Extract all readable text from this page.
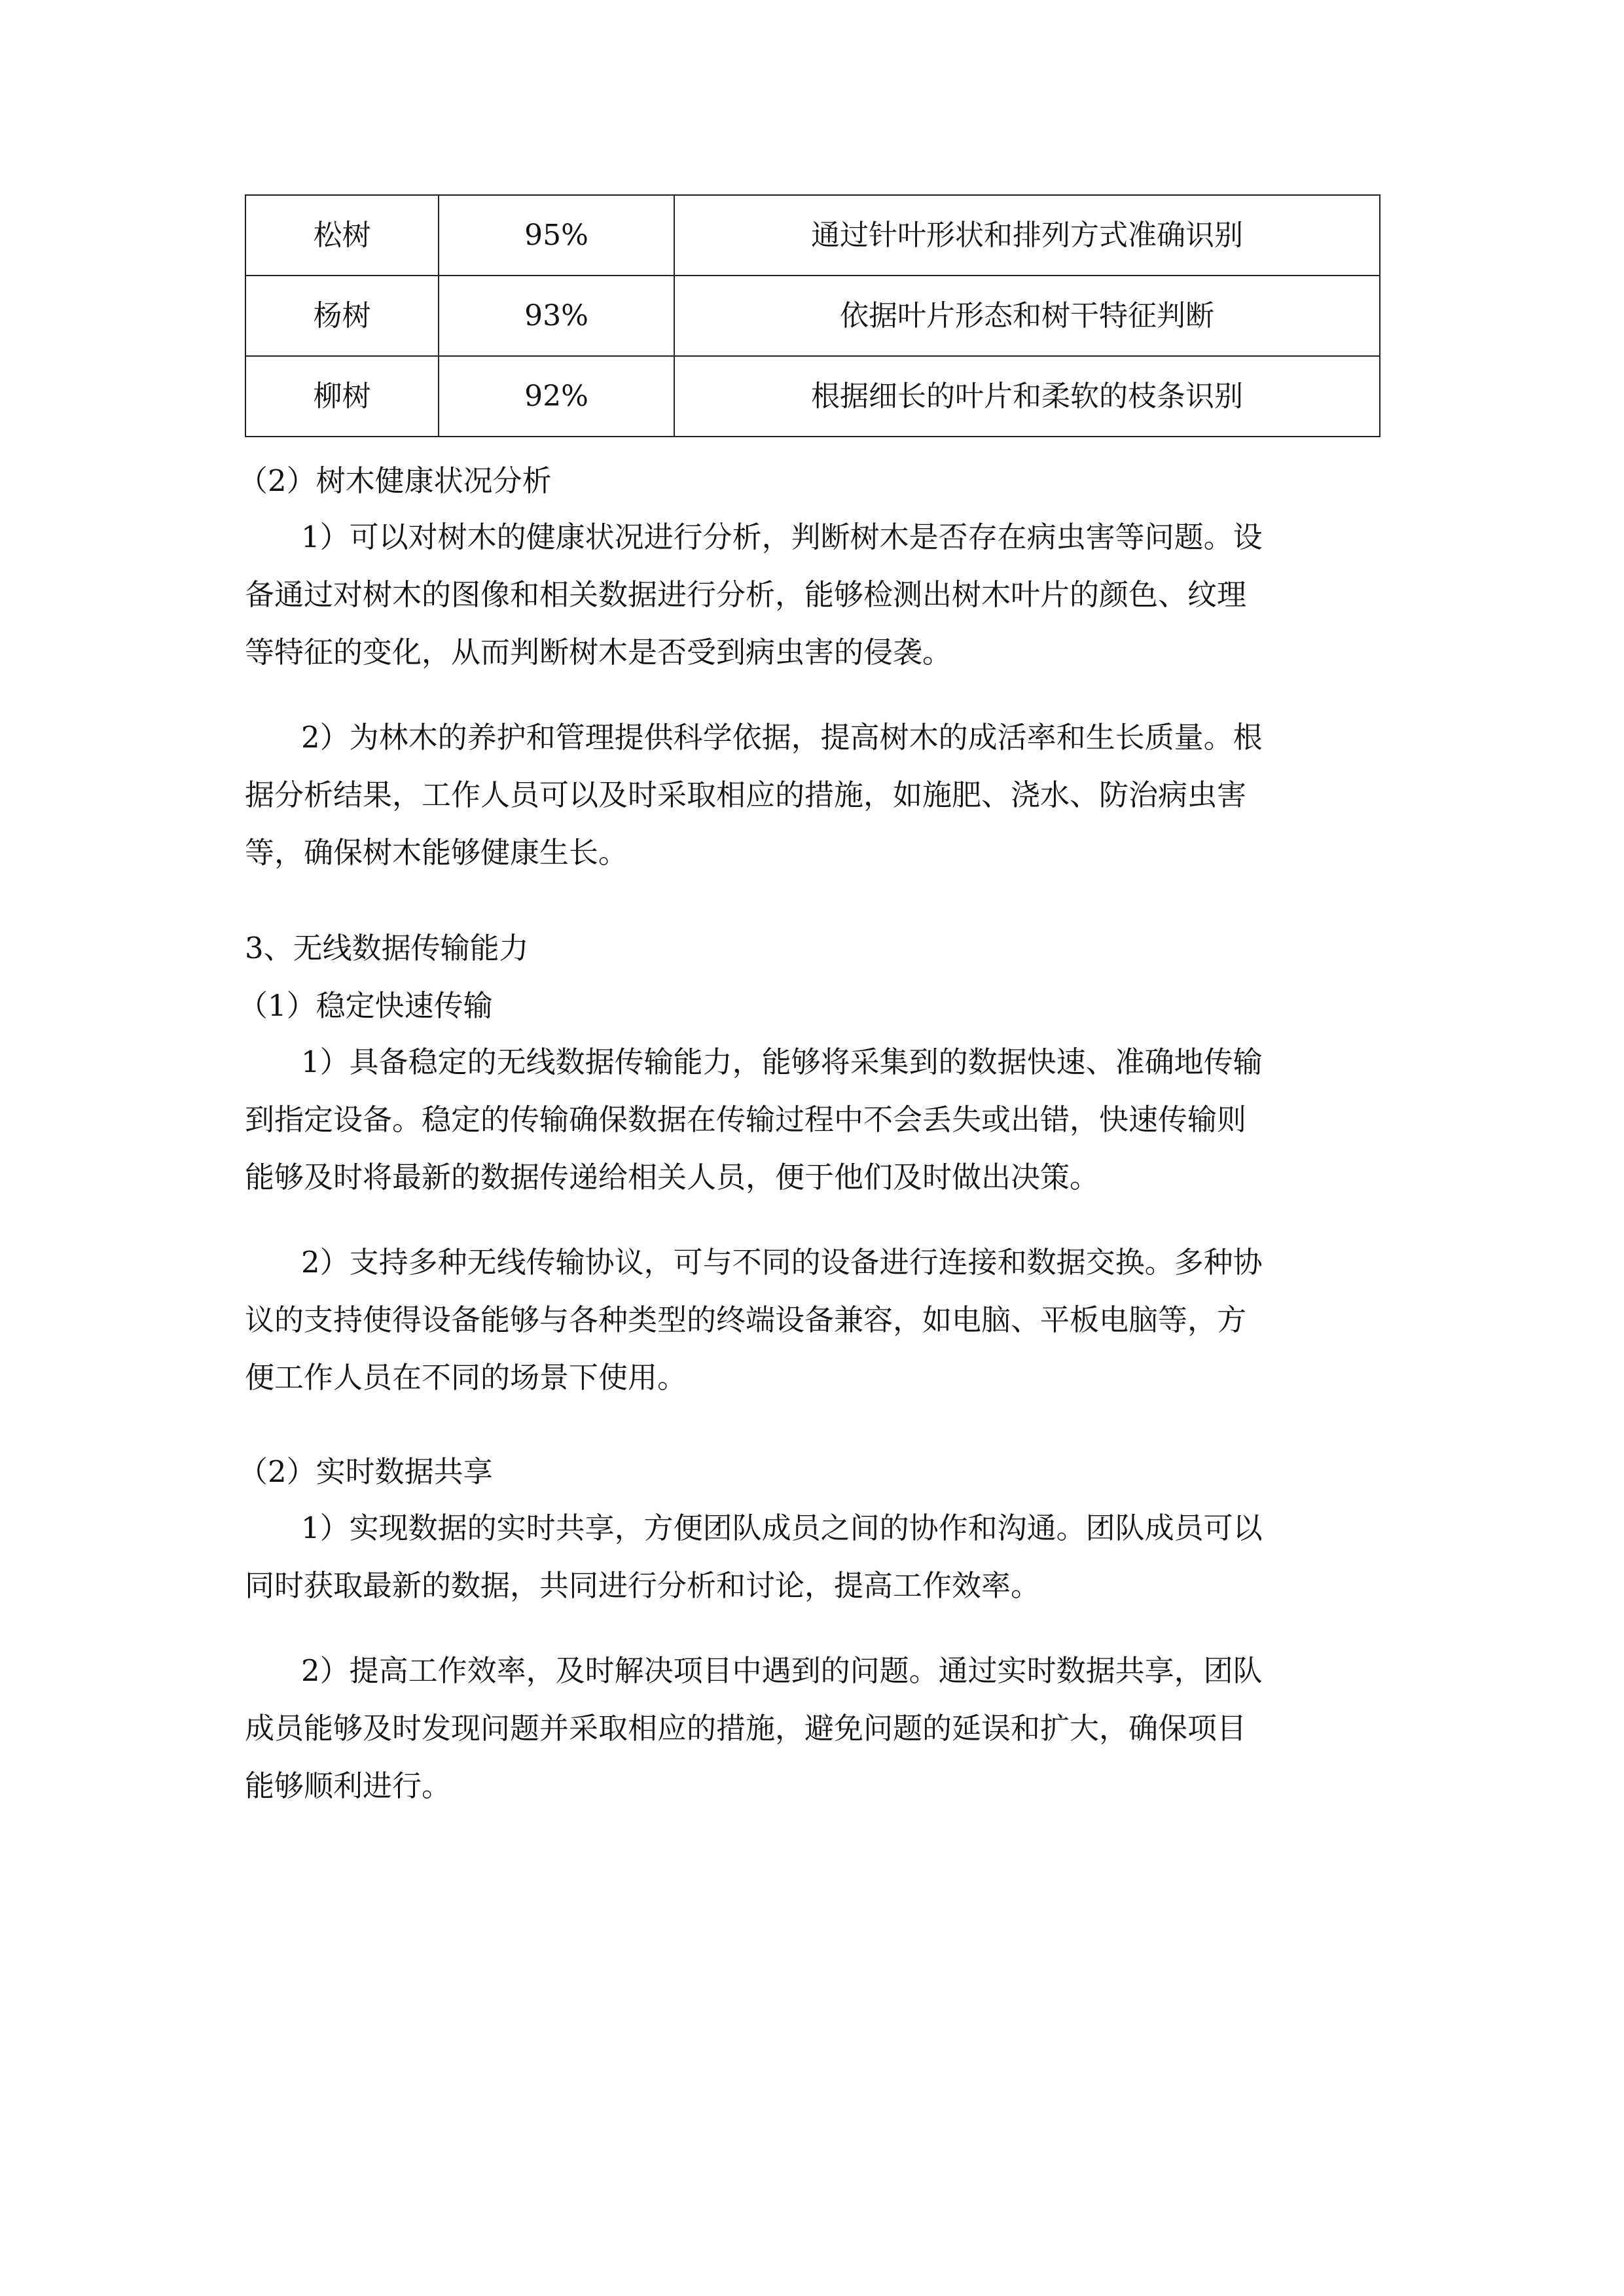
松树	95%	通过针叶形状和排列方式准确识别
杨树	93%	依据叶片形态和树干特征判断
柳树	92%	根据细长的叶片和柔软的枝条识别
（2）树木健康状况分析
1）可以对树木的健康状况进行分析，判断树木是否存在病虫害等问题。设
备通过对树木的图像和相关数据进行分析，能够检测出树木叶片的颜色、纹理
等特征的变化，从而判断树木是否受到病虫害的侵袭。
2）为林木的养护和管理提供科学依据，提高树木的成活率和生长质量。根
据分析结果，工作人员可以及时采取相应的措施，如施肥、浇水、防治病虫害
等，确保树木能够健康生长。
3、无线数据传输能力
（1）稳定快速传输
1）具备稳定的无线数据传输能力，能够将采集到的数据快速、准确地传输
到指定设备。稳定的传输确保数据在传输过程中不会丢失或出错，快速传输则
能够及时将最新的数据传递给相关人员，便于他们及时做出决策。
2）支持多种无线传输协议，可与不同的设备进行连接和数据交换。多种协
议的支持使得设备能够与各种类型的终端设备兼容，如电脑、平板电脑等，方
便工作人员在不同的场景下使用。
（2）实时数据共享
1）实现数据的实时共享，方便团队成员之间的协作和沟通。团队成员可以
同时获取最新的数据，共同进行分析和讨论，提高工作效率。
2）提高工作效率，及时解决项目中遇到的问题。通过实时数据共享，团队
成员能够及时发现问题并采取相应的措施，避免问题的延误和扩大，确保项目
能够顺利进行。
